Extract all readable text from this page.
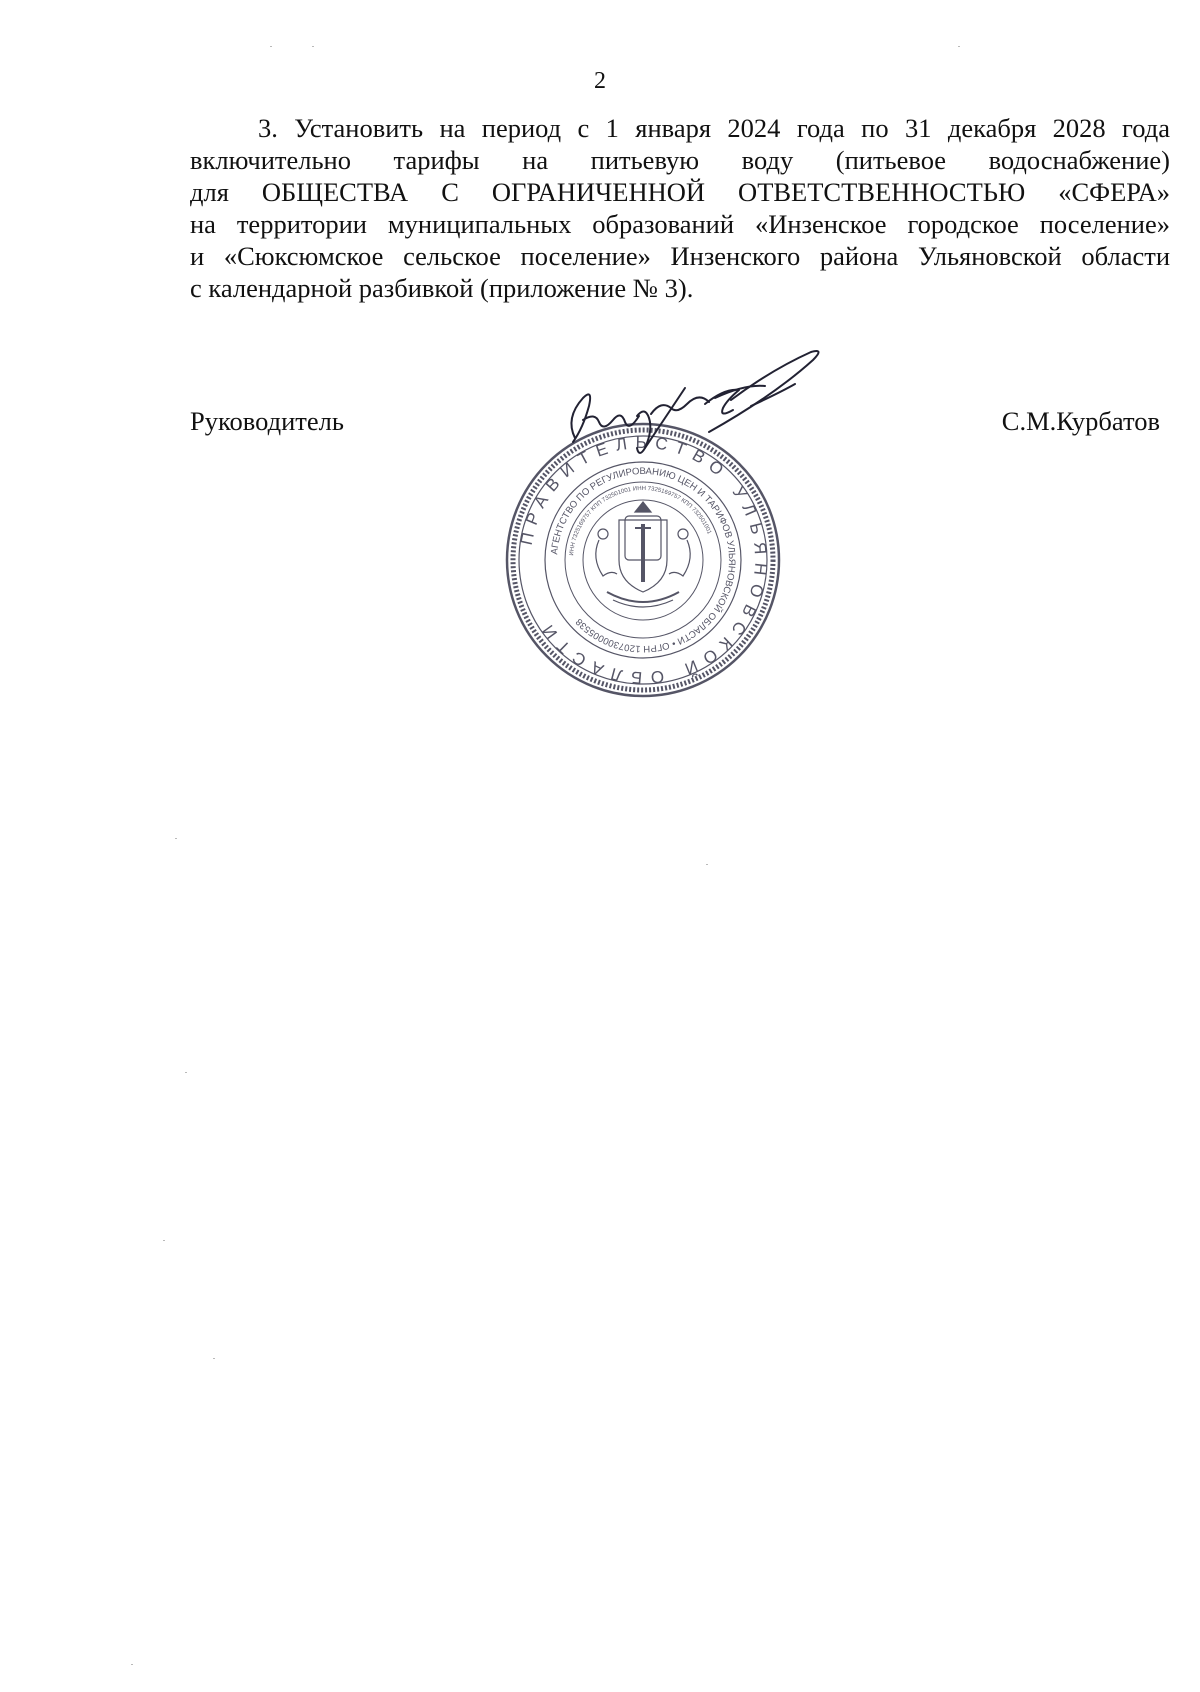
2
3. Установить на период с 1 января 2024 года по 31 декабря 2028 года
включительно тарифы на питьевую воду (питьевое водоснабжение)
для ОБЩЕСТВА С ОГРАНИЧЕННОЙ ОТВЕТСТВЕННОСТЬЮ «СФЕРА»
на территории муниципальных образований «Инзенское городское поселение»
и «Сюксюмское сельское поселение» Инзенского района Ульяновской области
с календарной разбивкой (приложение № 3).
Руководитель	С.М.Курбатов
ПРАВИТЕЛЬСТВО УЛЬЯНОВСКОЙ ОБЛАСТИ
АГЕНТСТВО ПО РЕГУЛИРОВАНИЮ ЦЕН И ТАРИФОВ УЛЬЯНОВСКОЙ ОБЛАСТИ • ОГРН 1207300005538
ИНН 7325169757 КПП 732501001 ИНН 7325169757 КПП 732501001
